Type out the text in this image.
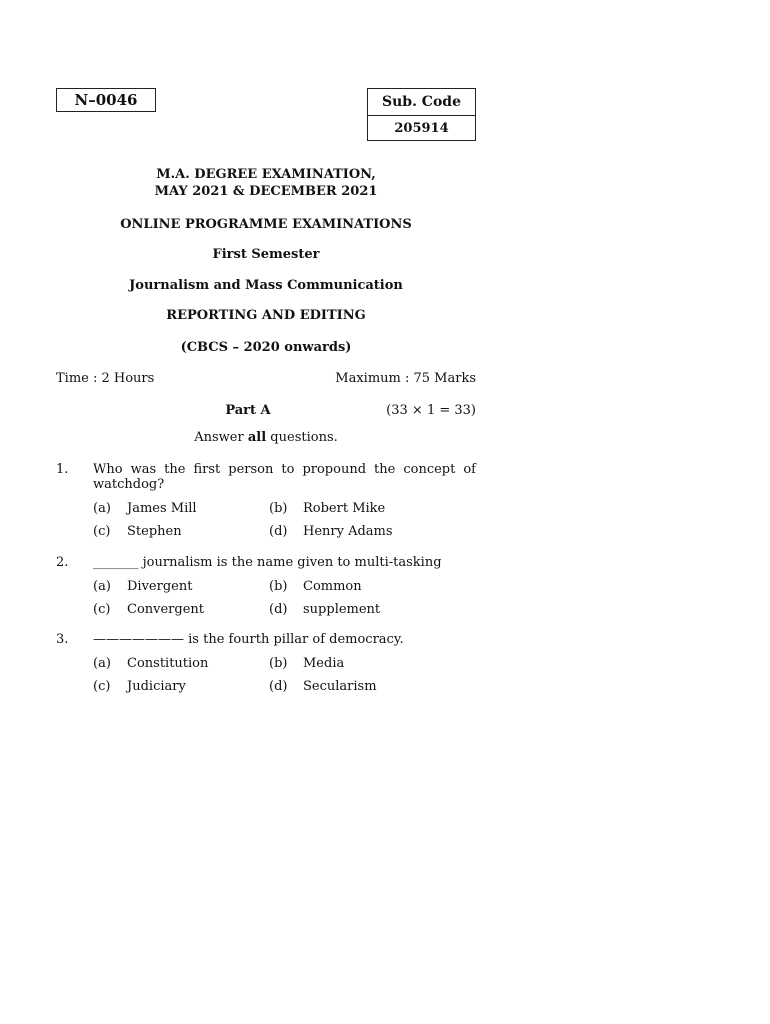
N–0046	Sub. Code
205914
M.A. DEGREE EXAMINATION,
MAY 2021 & DECEMBER 2021
ONLINE PROGRAMME EXAMINATIONS
First Semester
Journalism and Mass Communication
REPORTING AND EDITING
(CBCS – 2020 onwards)
Time : 2 Hours	Maximum : 75 Marks
Part A	(33 × 1 = 33)
Answer all questions.
1. Who was the first person to propound the concept of watchdog?
(a) James Mill	(b) Robert Mike
(c) Stephen	(d) Henry Adams
2. _______ journalism is the name given to multi-tasking
(a) Divergent	(b) Common
(c) Convergent	(d) supplement
3. ——————— is the fourth pillar of democracy.
(a) Constitution	(b) Media
(c) Judiciary	(d) Secularism
